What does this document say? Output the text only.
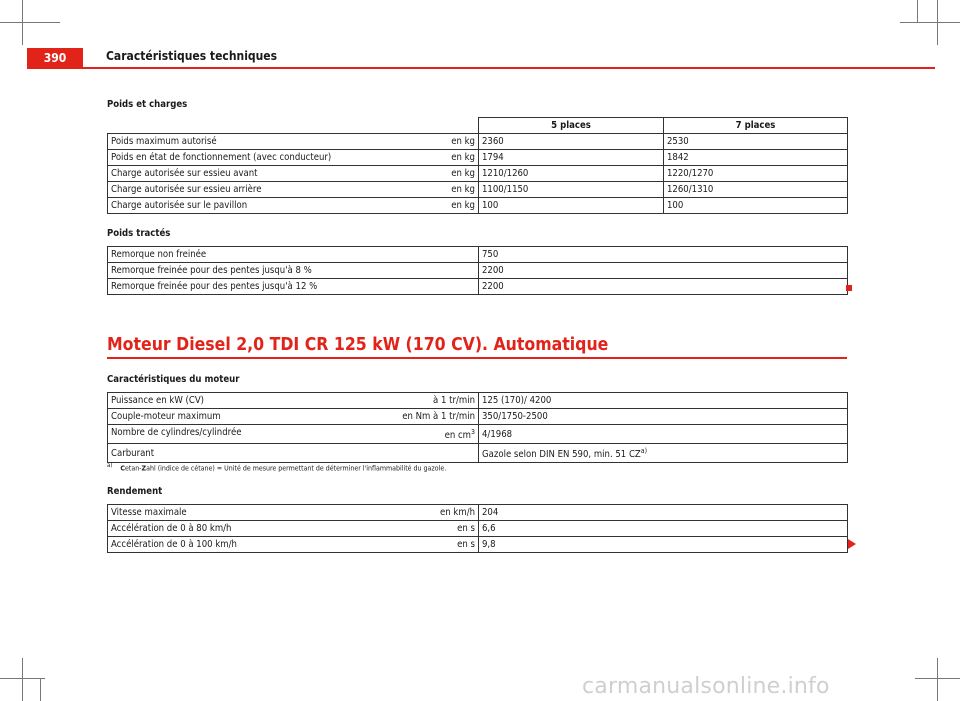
390	Caractéristiques techniques
Poids et charges
	5 places	7 places

Poids maximum autorisé en kg	2360	2530

Poids en état de fonctionnement (avec conducteur) en kg	1794	1842

Charge autorisée sur essieu avant en kg	1210/1260	1220/1270

Charge autorisée sur essieu arrière en kg	1100/1150	1260/1310

Charge autorisée sur le pavillon en kg	100	100
Poids tractés
Remorque non freinée	750

Remorque freinée pour des pentes jusqu'à 8 %	2200

Remorque freinée pour des pentes jusqu'à 12 %	2200
Moteur Diesel 2,0 TDI CR 125 kW (170 CV). Automatique
Caractéristiques du moteur
Puissance en kW (CV) à 1 tr/min	125 (170)/ 4200

Couple-moteur maximum en Nm à 1 tr/min	350/1750-2500

Nombre de cylindres/cylindrée en $cm^3$	4/1968

Carburant	Gazole selon DIN EN 590, min. 51 CZ$^{a)}$
$^{a)}$ Cetan-Zahl (indice de cétane) = Unité de mesure permettant de déterminer l'inflammabilité du gazole.
Rendement
Vitesse maximale en km/h	204

Accélération de 0 à 80 km/h en s	6,6

Accélération de 0 à 100 km/h en s	9,8
carmanualsonline.info
